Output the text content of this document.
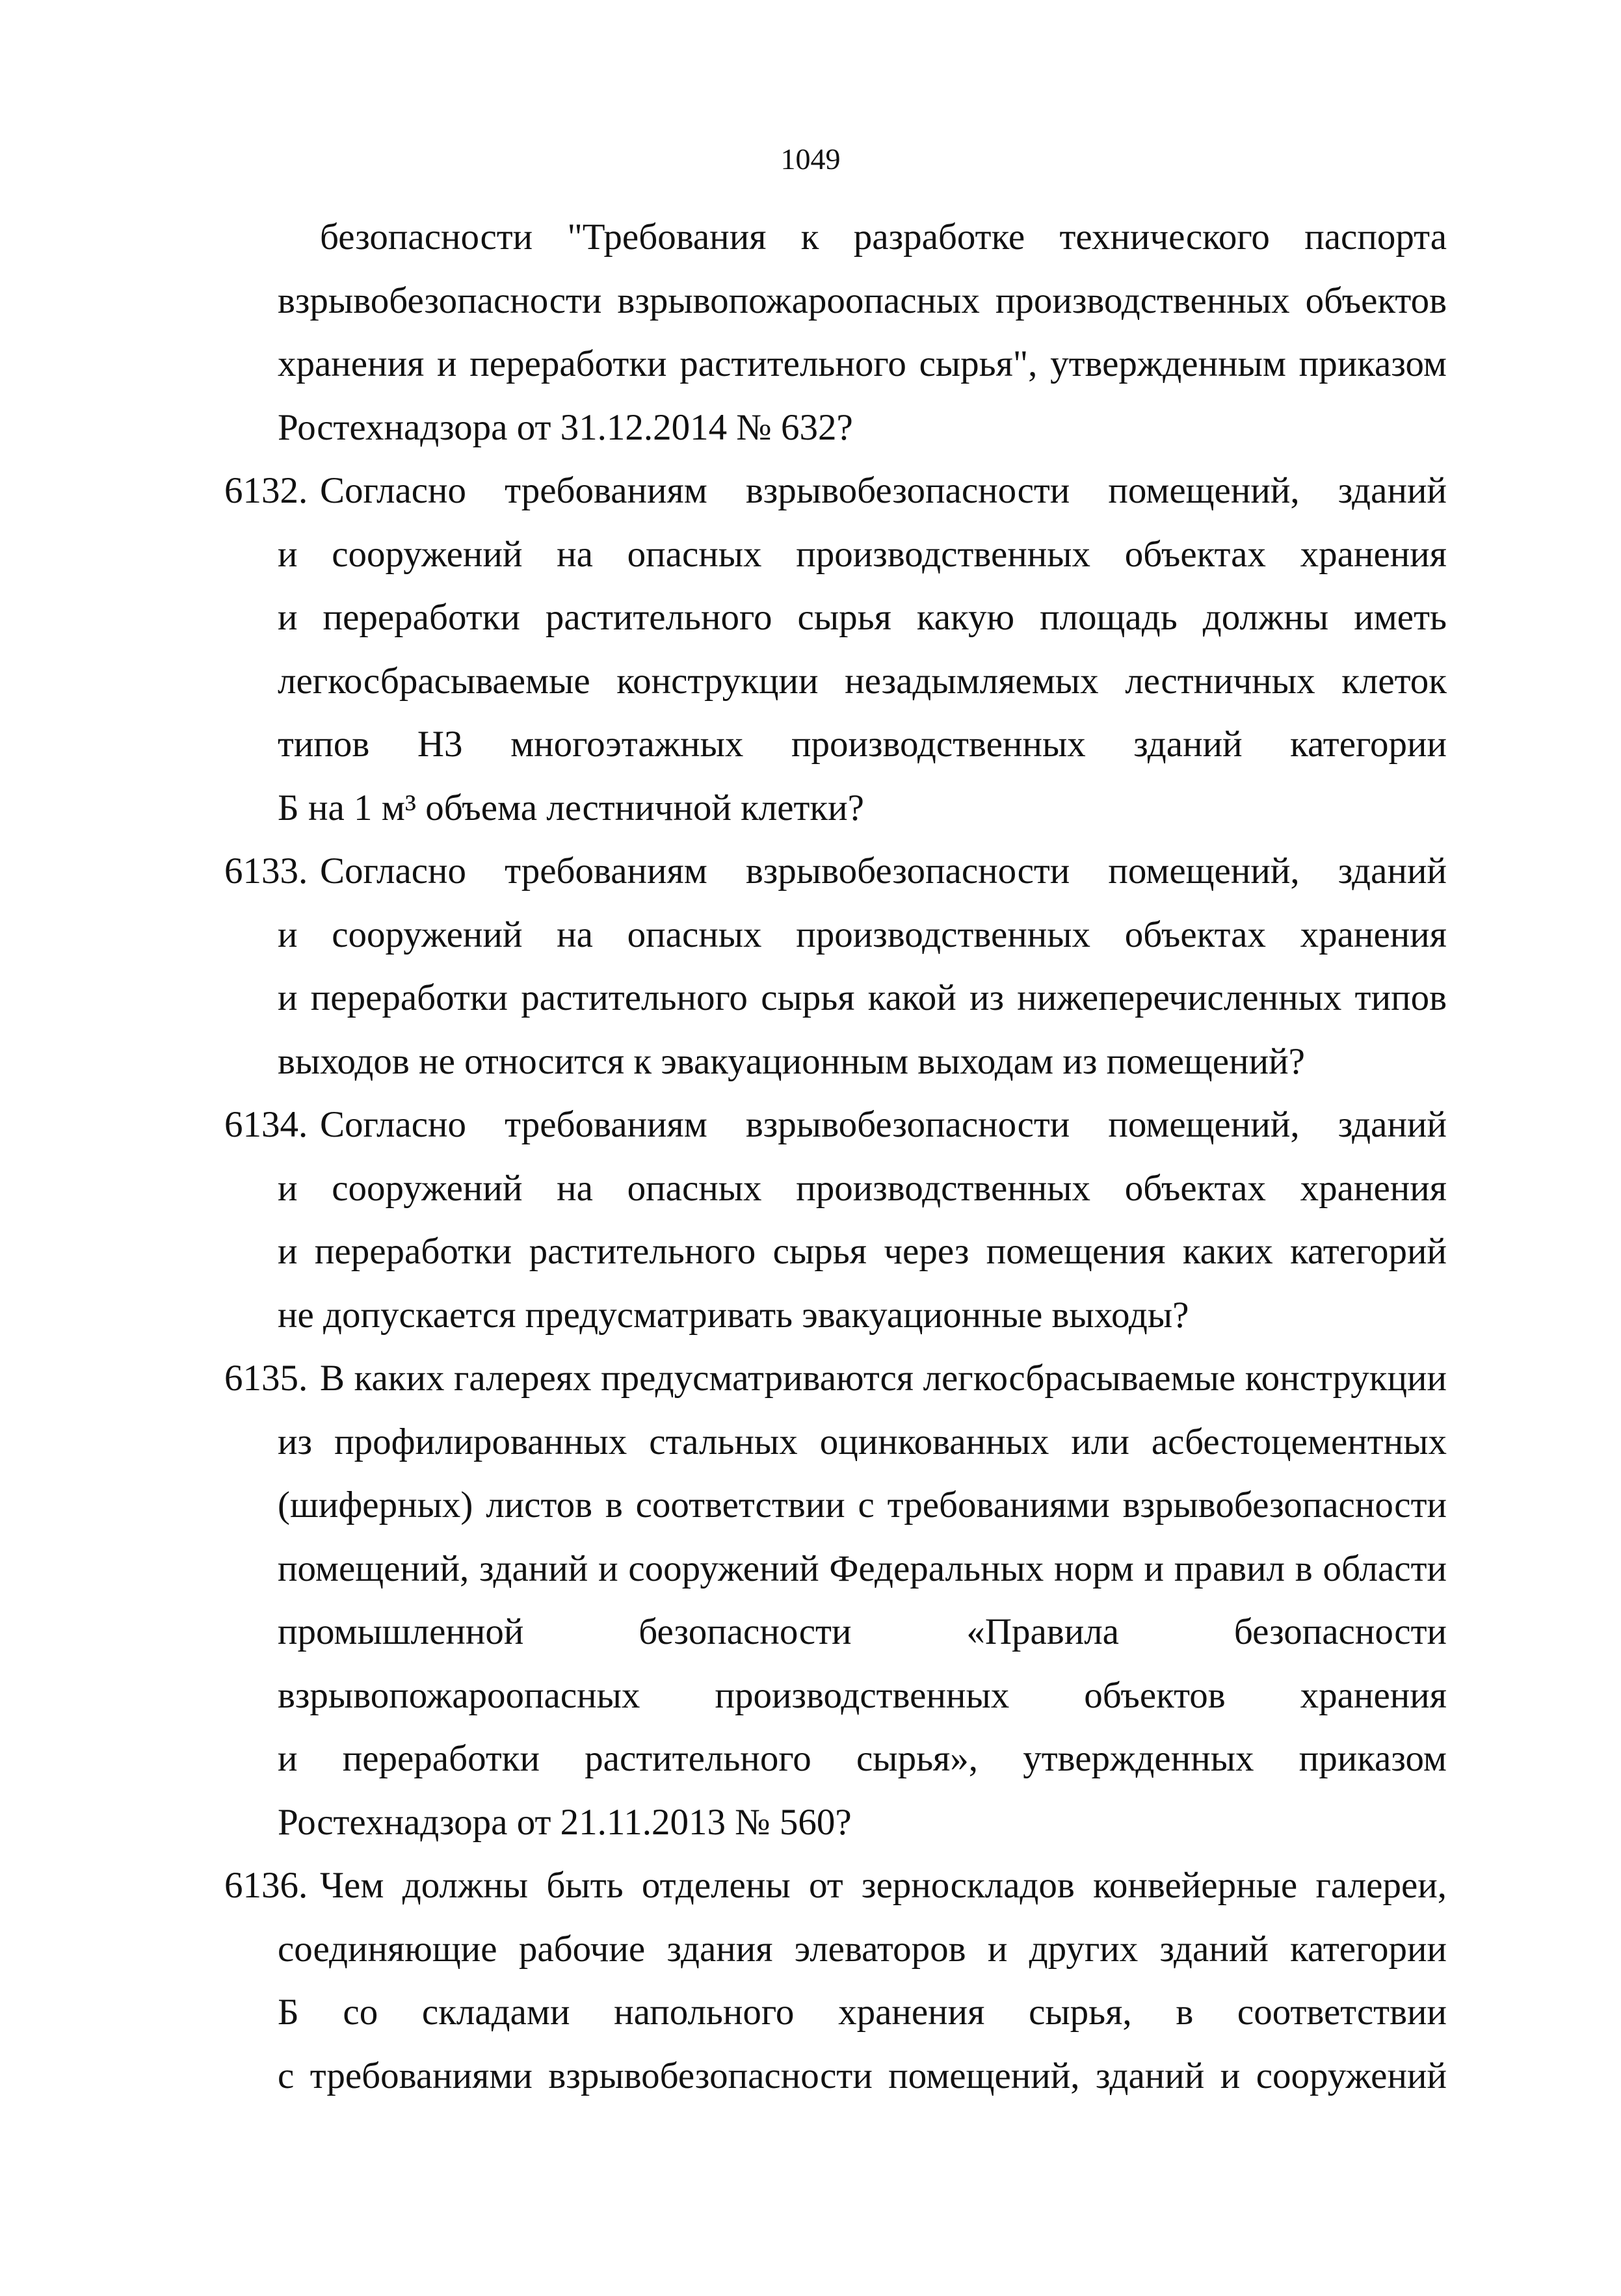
1049
безопасности "Требования к разработке технического паспорта
взрывобезопасности взрывопожароопасных производственных объектов
хранения и переработки растительного сырья", утвержденным приказом
Ростехнадзора от 31.12.2014 № 632?
6132. Согласно требованиям взрывобезопасности помещений, зданий
и сооружений на опасных производственных объектах хранения
и переработки растительного сырья какую площадь должны иметь
легкосбрасываемые конструкции незадымляемых лестничных клеток
типов Н3 многоэтажных производственных зданий категории
Б на 1 м³ объема лестничной клетки?
6133. Согласно требованиям взрывобезопасности помещений, зданий
и сооружений на опасных производственных объектах хранения
и переработки растительного сырья какой из нижеперечисленных типов
выходов не относится к эвакуационным выходам из помещений?
6134. Согласно требованиям взрывобезопасности помещений, зданий
и сооружений на опасных производственных объектах хранения
и переработки растительного сырья через помещения каких категорий
не допускается предусматривать эвакуационные выходы?
6135. В каких галереях предусматриваются легкосбрасываемые конструкции
из профилированных стальных оцинкованных или асбестоцементных
(шиферных) листов в соответствии с требованиями взрывобезопасности
помещений, зданий и сооружений Федеральных норм и правил в области
промышленной безопасности «Правила безопасности
взрывопожароопасных производственных объектов хранения
и переработки растительного сырья», утвержденных приказом
Ростехнадзора от 21.11.2013 № 560?
6136. Чем должны быть отделены от зерноскладов конвейерные галереи,
соединяющие рабочие здания элеваторов и других зданий категории
Б со складами напольного хранения сырья, в соответствии
с требованиями взрывобезопасности помещений, зданий и сооружений
